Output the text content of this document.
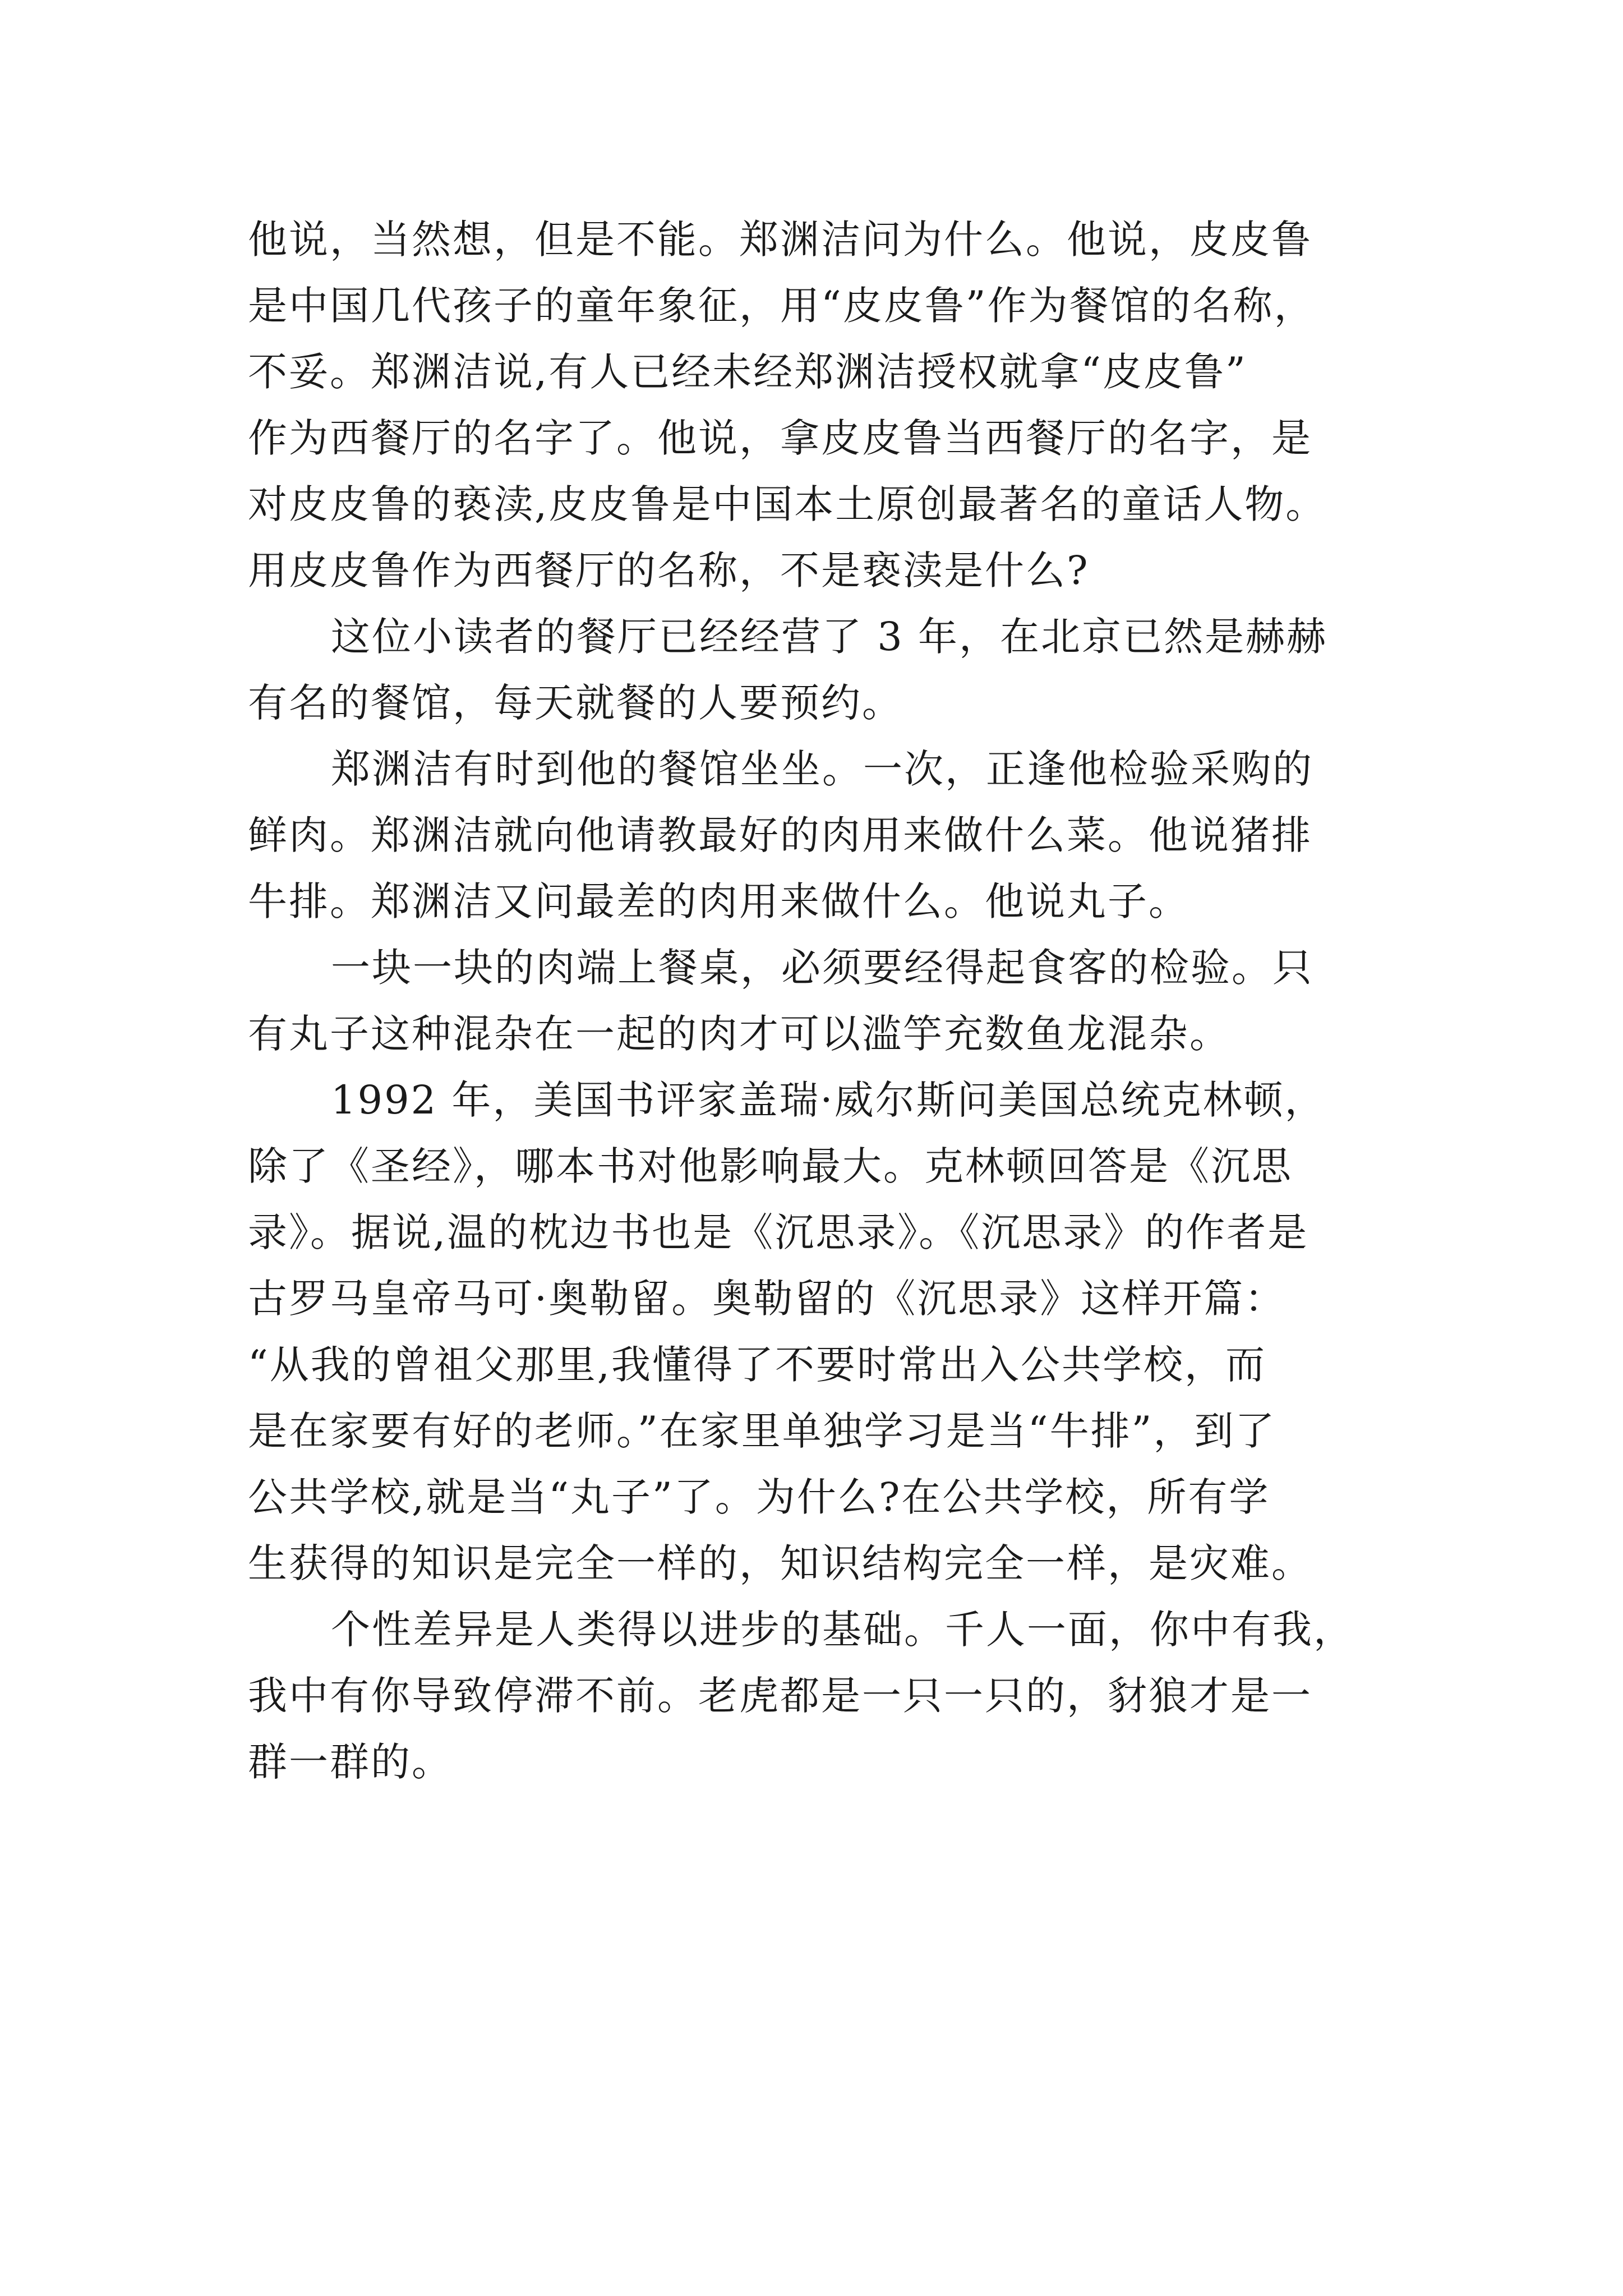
他说，当然想，但是不能。郑渊洁问为什么。他说，皮皮鲁
是中国几代孩子的童年象征，用“皮皮鲁”作为餐馆的名称，
不妥。郑渊洁说,有人已经未经郑渊洁授权就拿“皮皮鲁”
作为西餐厅的名字了。他说，拿皮皮鲁当西餐厅的名字，是
对皮皮鲁的亵渎,皮皮鲁是中国本土原创最著名的童话人物。
用皮皮鲁作为西餐厅的名称，不是亵渎是什么?

这位小读者的餐厅已经经营了 3 年，在北京已然是赫赫
有名的餐馆，每天就餐的人要预约。

郑渊洁有时到他的餐馆坐坐。一次，正逢他检验采购的
鲜肉。郑渊洁就向他请教最好的肉用来做什么菜。他说猪排
牛排。郑渊洁又问最差的肉用来做什么。他说丸子。

一块一块的肉端上餐桌，必须要经得起食客的检验。只
有丸子这种混杂在一起的肉才可以滥竽充数鱼龙混杂。

1992 年，美国书评家盖瑞·威尔斯问美国总统克林顿，
除了《圣经》，哪本书对他影响最大。克林顿回答是《沉思
录》。据说,温的枕边书也是《沉思录》。《沉思录》的作者是
古罗马皇帝马可·奥勒留。奥勒留的《沉思录》这样开篇：
“从我的曾祖父那里,我懂得了不要时常出入公共学校，而
是在家要有好的老师。”在家里单独学习是当“牛排”，到了
公共学校,就是当“丸子”了。为什么?在公共学校，所有学
生获得的知识是完全一样的，知识结构完全一样，是灾难。

个性差异是人类得以进步的基础。千人一面，你中有我，
我中有你导致停滞不前。老虎都是一只一只的，豺狼才是一
群一群的。
